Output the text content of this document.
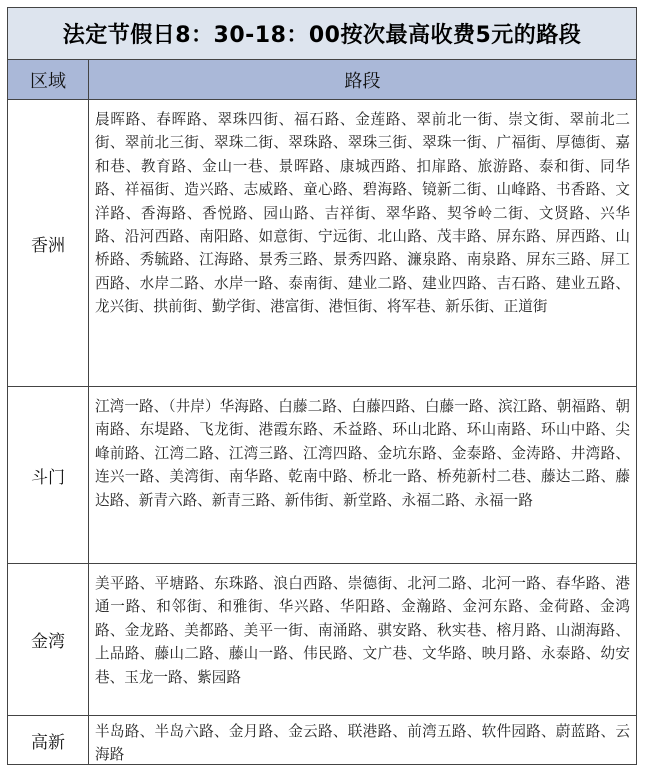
法定节假日8：30-18：00按次最高收费5元的路段
区域	路段
香洲
晨晖路、春晖路、翠珠四街、福石路、金莲路、翠前北一街、崇文街、翠前北二街、翠前北三街、翠珠二街、翠珠路、翠珠三街、翠珠一街、广福街、厚德街、嘉和巷、教育路、金山一巷、景晖路、康城西路、扣扉路、旅游路、泰和街、同华路、祥福街、造兴路、志威路、童心路、碧海路、镜新二街、山峰路、书香路、文洋路、香海路、香悦路、园山路、吉祥街、翠华路、契爷岭二街、文贤路、兴华路、沿河西路、南阳路、如意街、宁远街、北山路、茂丰路、屏东路、屏西路、山桥路、秀毓路、江海路、景秀三路、景秀四路、濂泉路、南泉路、屏东三路、屏工西路、水岸二路、水岸一路、泰南街、建业二路、建业四路、吉石路、建业五路、龙兴街、拱前街、勤学街、港富街、港恒街、将军巷、新乐街、正道街
斗门
江湾一路、（井岸）华海路、白藤二路、白藤四路、白藤一路、滨江路、朝福路、朝南路、东堤路、飞龙街、港霞东路、禾益路、环山北路、环山南路、环山中路、尖峰前路、江湾二路、江湾三路、江湾四路、金坑东路、金泰路、金涛路、井湾路、连兴一路、美湾街、南华路、乾南中路、桥北一路、桥苑新村二巷、藤达二路、藤达路、新青六路、新青三路、新伟街、新堂路、永福二路、永福一路
金湾
美平路、平塘路、东珠路、浪白西路、崇德街、北河二路、北河一路、春华路、港通一路、和邻街、和雅街、华兴路、华阳路、金瀚路、金河东路、金荷路、金鸿路、金龙路、美都路、美平一街、南涌路、骐安路、秋实巷、榕月路、山湖海路、上品路、藤山二路、藤山一路、伟民路、文广巷、文华路、映月路、永泰路、幼安巷、玉龙一路、紫园路
高新
半岛路、半岛六路、金月路、金云路、联港路、前湾五路、软件园路、蔚蓝路、云海路
